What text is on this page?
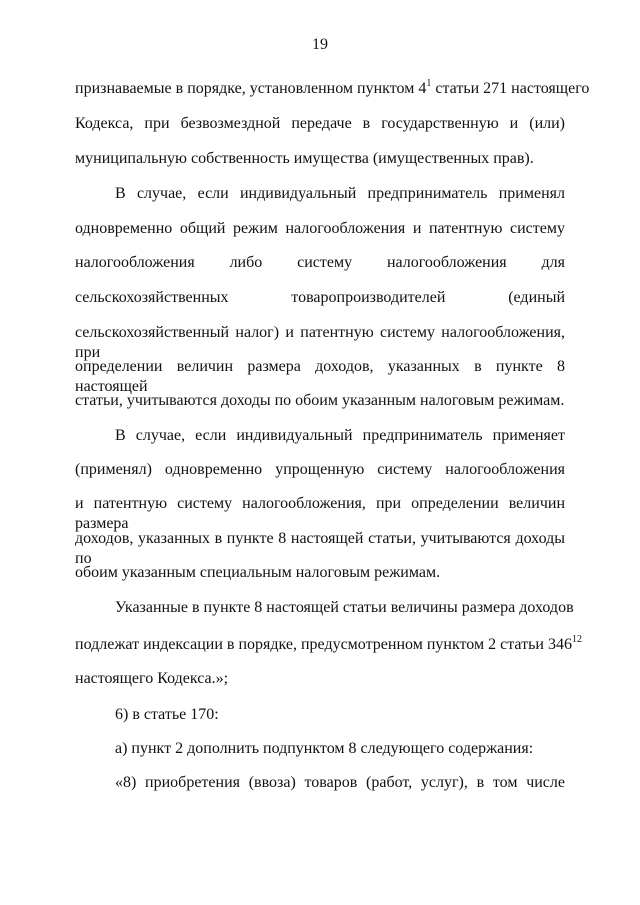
19
признаваемые в порядке, установленном пунктом $4^1$ статьи 271 настоящего
Кодекса, при безвозмездной передаче в государственную и (или)
муниципальную собственность имущества (имущественных прав).
В случае, если индивидуальный предприниматель применял
одновременно общий режим налогообложения и патентную систему
налогообложения либо систему налогообложения для
сельскохозяйственных товаропроизводителей (единый
сельскохозяйственный налог) и патентную систему налогообложения, при
определении величин размера доходов, указанных в пункте 8 настоящей
статьи, учитываются доходы по обоим указанным налоговым режимам.
В случае, если индивидуальный предприниматель применяет
(применял) одновременно упрощенную систему налогообложения
и патентную систему налогообложения, при определении величин размера
доходов, указанных в пункте 8 настоящей статьи, учитываются доходы по
обоим указанным специальным налоговым режимам.
Указанные в пункте 8 настоящей статьи величины размера доходов
подлежат индексации в порядке, предусмотренном пунктом 2 статьи $346^{12}$
настоящего Кодекса.»;
6) в статье 170:
а) пункт 2 дополнить подпунктом 8 следующего содержания:
«8) приобретения (ввоза) товаров (работ, услуг), в том числе
